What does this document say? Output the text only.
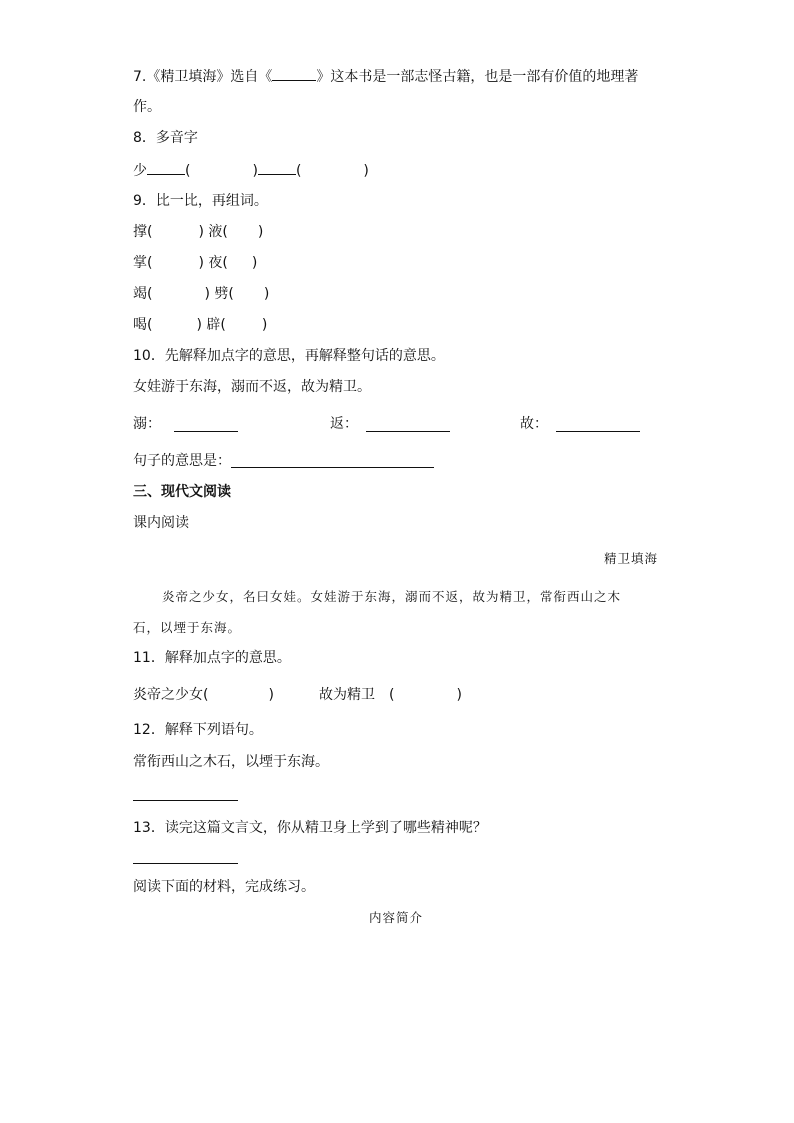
7.《精卫填海》选自《	》这本书是一部志怪古籍，也是一部有价值的地理著
作。
8．多音字
少	(	)	(	)
9．比一比，再组词。
撑(	) 液( )
掌(	) 夜( )
竭(	) 劈( )
喝(	) 辟(	)
10．先解释加点字的意思，再解释整句话的意思。
女娃游于东海，溺而不返，故为精卫。
溺：	返：	故：
句子的意思是：
三、现代文阅读
课内阅读
精卫填海
炎帝之少女，名曰女娃。女娃游于东海，溺而不返，故为精卫，常衔西山之木
石，以堙于东海。
11．解释加点字的意思。
炎帝之少女(	)	故为精卫 (	)
12．解释下列语句。
常衔西山之木石，以堙于东海。
13．读完这篇文言文，你从精卫身上学到了哪些精神呢？
阅读下面的材料，完成练习。
内容简介
